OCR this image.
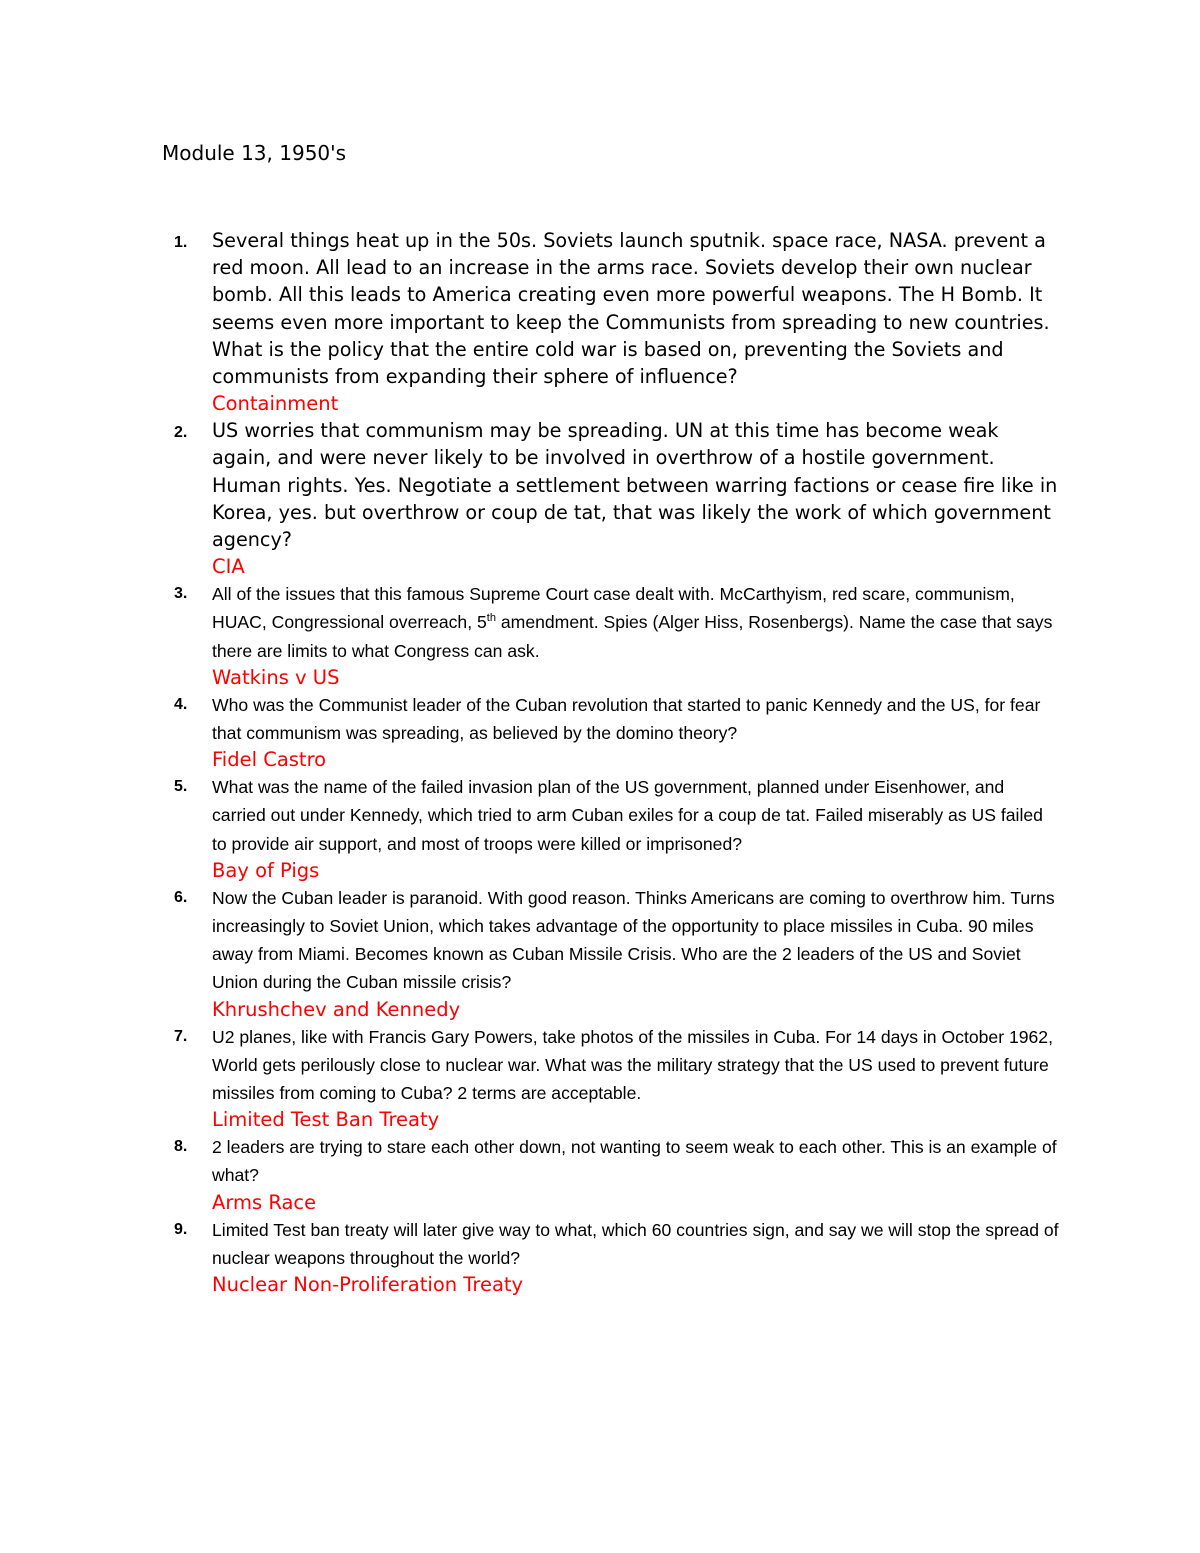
Module 13, 1950's
1. Several things heat up in the 50s. Soviets launch sputnik. space race, NASA. prevent a red moon. All lead to an increase in the arms race. Soviets develop their own nuclear bomb. All this leads to America creating even more powerful weapons. The H Bomb. It seems even more important to keep the Communists from spreading to new countries. What is the policy that the entire cold war is based on, preventing the Soviets and communists from expanding their sphere of influence?
Containment
2. US worries that communism may be spreading. UN at this time has become weak again, and were never likely to be involved in overthrow of a hostile government. Human rights. Yes. Negotiate a settlement between warring factions or cease fire like in Korea, yes. but overthrow or coup de tat, that was likely the work of which government agency?
CIA
3. All of the issues that this famous Supreme Court case dealt with. McCarthyism, red scare, communism, HUAC, Congressional overreach, 5th amendment. Spies (Alger Hiss, Rosenbergs). Name the case that says there are limits to what Congress can ask.
Watkins v US
4. Who was the Communist leader of the Cuban revolution that started to panic Kennedy and the US, for fear that communism was spreading, as believed by the domino theory?
Fidel Castro
5. What was the name of the failed invasion plan of the US government, planned under Eisenhower, and carried out under Kennedy, which tried to arm Cuban exiles for a coup de tat. Failed miserably as US failed to provide air support, and most of troops were killed or imprisoned?
Bay of Pigs
6. Now the Cuban leader is paranoid. With good reason. Thinks Americans are coming to overthrow him. Turns increasingly to Soviet Union, which takes advantage of the opportunity to place missiles in Cuba. 90 miles away from Miami. Becomes known as Cuban Missile Crisis. Who are the 2 leaders of the US and Soviet Union during the Cuban missile crisis?
Khrushchev and Kennedy
7. U2 planes, like with Francis Gary Powers, take photos of the missiles in Cuba. For 14 days in October 1962, World gets perilously close to nuclear war. What was the military strategy that the US used to prevent future missiles from coming to Cuba? 2 terms are acceptable.
Limited Test Ban Treaty
8. 2 leaders are trying to stare each other down, not wanting to seem weak to each other. This is an example of what?
Arms Race
9. Limited Test ban treaty will later give way to what, which 60 countries sign, and say we will stop the spread of nuclear weapons throughout the world?
Nuclear Non-Proliferation Treaty
